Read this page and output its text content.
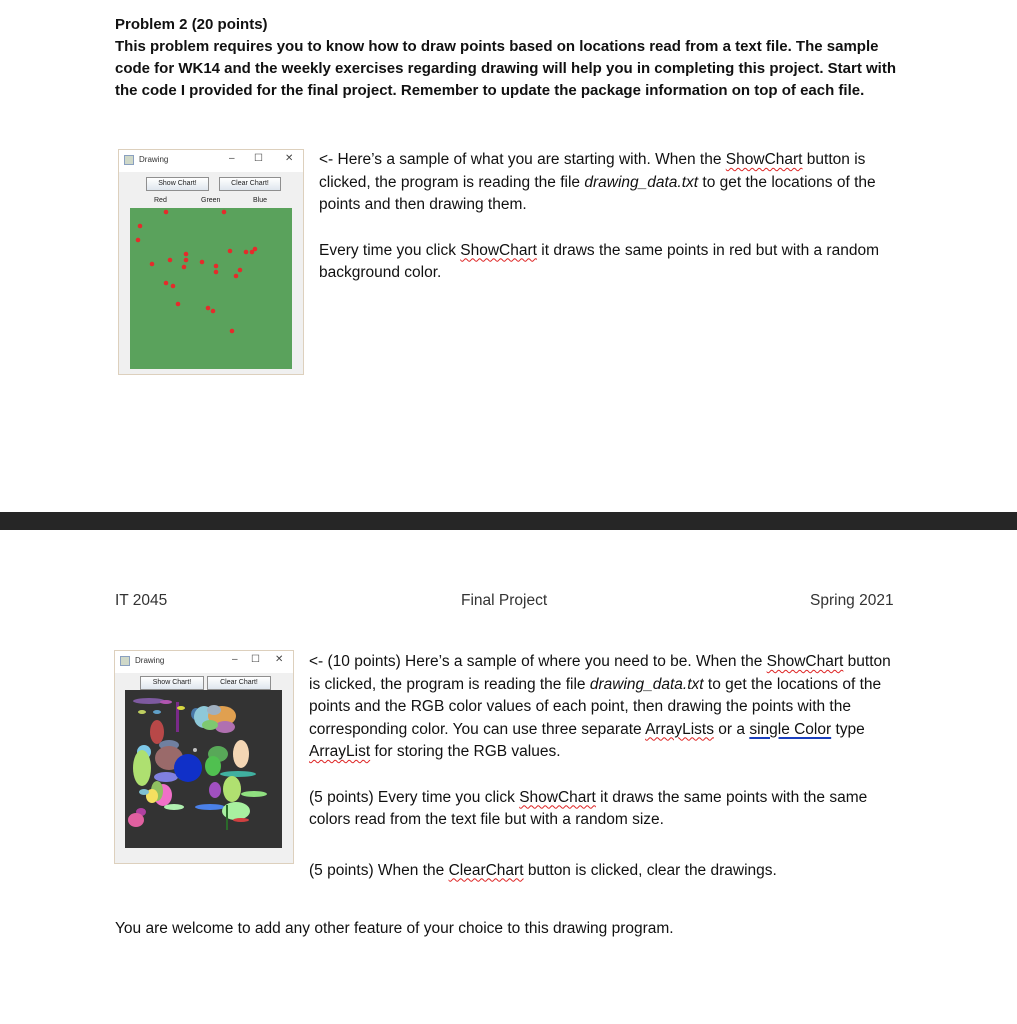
Problem 2 (20 points)
This problem requires you to know how to draw points based on locations read from a text file. The sample code for WK14 and the weekly exercises regarding drawing will help you in completing this project. Start with the code I provided for the final project. Remember to update the package information on top of each file.
Drawing	– ☐ ✕
Show Chart!	Clear Chart!
Red	Green	Blue

<- Here’s a sample of what you are starting with. When the ShowChart button is clicked, the program is reading the file drawing_data.txt to get the locations of the points and then drawing them.

Every time you click ShowChart it draws the same points in red but with a random background color.

IT 2045	Final Project	Spring 2021
Drawing	– ☐ ✕
Show Chart!	Clear Chart!

<- (10 points) Here’s a sample of where you need to be. When the ShowChart button is clicked, the program is reading the file drawing_data.txt to get the locations of the points and the RGB color values of each point, then drawing the points with the corresponding color. You can use three separate ArrayLists or a single Color type ArrayList for storing the RGB values.

(5 points) Every time you click ShowChart it draws the same points with the same colors read from the text file but with a random size.

(5 points) When the ClearChart button is clicked, clear the drawings.

You are welcome to add any other feature of your choice to this drawing program.
